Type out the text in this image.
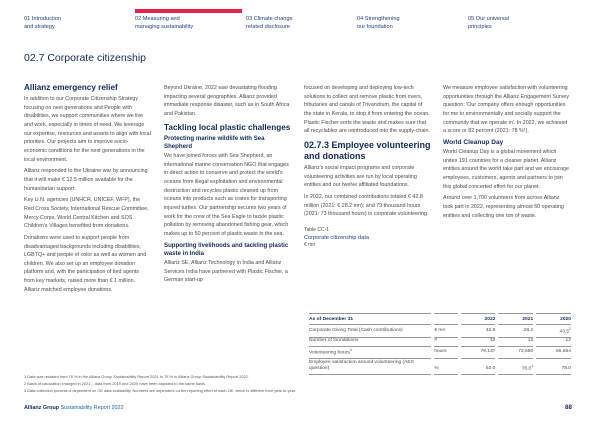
01 Introduction
and strategy
02 Measuring and
managing sustainability
03 Climate change
related disclosure
04 Strengthening
our foundation
05 Our universal
principles
02.7 Corporate citizenship
Allianz emergency relief

In addition to our Corporate Citizenship Strategy focusing on next generations and People with disabilities, we support communities where we live and work, especially in times of need. We leverage our expertise, resources and assets to align with local priorities. Our projects aim to improve socio-economic conditions for the next generations in the local environment.

Allianz responded to the Ukraine war by announcing that it will make € 12.5 million available for the humanitarian support.

Key U.N. agencies (UNHCR, UNICEF, WFP), the Red Cross Society, International Rescue Committee, Mercy Corps, World Central Kitchen and SOS Children's Villages benefited from donations.

Donations were used to support people from disadvantaged backgrounds including disabilities, LGBTQ+ and people of color as well as women and children. We also set up an employee donation platform and, with the participation of tied agents from key markets, raised more than € 1 million. Allianz matched employee donations.

Beyond Ukraine, 2022 saw devastating flooding impacting several geographies. Allianz provided immediate response disaster, such as in South Africa and Pakistan.

Tackling local plastic challenges
Protecting marine wildlife with Sea Shepherd

We have joined forces with Sea Shepherd, an international marine conservation NGO that engages in direct action to conserve and protect the world's oceans from illegal exploitation and environmental destruction and recycles plastic cleaned up from oceans into products such as crates for transporting injured turtles. Our partnership secures two years of work for the crew of the Sea Eagle to tackle plastic pollution by removing abandoned fishing gear, which makes up to 50 percent of plastic waste in the sea.

Supporting livelihoods and tackling plastic waste in India

Allianz SE, Allianz Technology in India and Allianz Services India have partnered with Plastic Fischer, a German start-up

focused on developing and deploying low-tech solutions to collect and remove plastic from rivers, tributaries and canals of Trivandrum, the capital of the state in Kerala, to stop it from entering the ocean. Plastic Fischer sorts the waste and makes sure that all recyclables are reintroduced into the supply-chain.

02.7.3 Employee volunteering and donations

Allianz's social impact programs and corporate volunteering activities are run by local operating entities and our twelve affiliated foundations.

In 2022, our combined contributions totaled € 42.8 million (2021: € 28.2 mn); and 79 thousand hours (2021: 73 thousand hours) in corporate volunteering.

Table CC-1
Corporate citizenship data
€ mn

We measure employee satisfaction with volunteering opportunities through the Allianz Engagement Survey question: 'Our company offers enough opportunities for me to environmentally and socially support the community that we operate in'. In 2022, we achieved a score or 82 percent (2021: 78 %¹).

World Cleanup Day

World Cleanup Day is a global movement which unites 191 countries for a cleaner planet. Allianz entities around the world take part and we encourage employees, customers, agents and partners to join this global concerted effort for our planet.

Around over 1,700 volunteers from across Allianz took part in 2022, representing almost 50 operating entities and collecting one ton of waste.

As of December 31		2022	2021	2020
Corporate Giving Total (Cash contributions)	€ mn	42.8	28.2	43.5$^2$
Number of foundations	#	12	12	12
Volunteering hours$^3$	hours	79,137	72,580	56,654
Employee satisfaction around volunteering (AES question)	%	82.0	78.0$^1$	78.0
1 Data was restated from 76 % in the Allianz Group Sustainability Report 2021 to 78 % in Allianz Group Sustainability Report 2022.
2 Basis of calculation changed in 2021 – data from 2019 and 2020 have been adjusted to the same basis.
3 Data collection process is dependent on OE data availability. Numbers are dependent on the reporting effort of each OE, which is different from year-to-year.
Allianz Group Sustainability Report 2022	88
